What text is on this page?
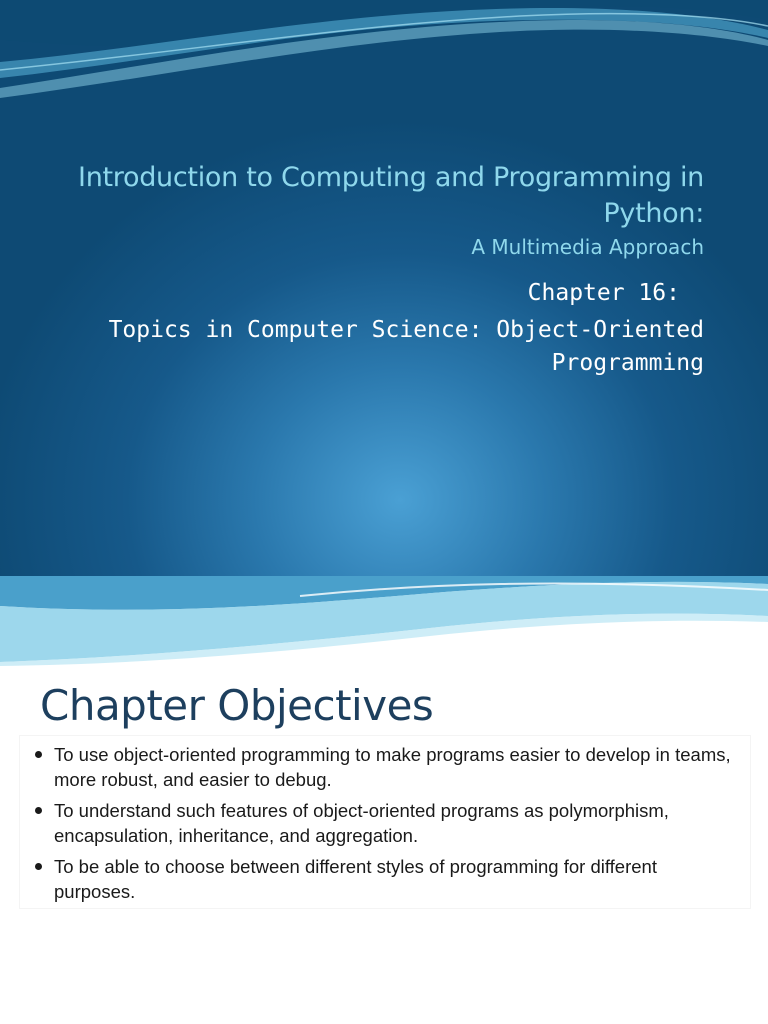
Introduction to Computing and Programming in Python:

A Multimedia Approach

Chapter 16:

Topics in Computer Science: Object-Oriented Programming

Chapter Objectives
To use object-oriented programming to make programs easier to develop in teams, more robust, and easier to debug.
To understand such features of object-oriented programs as polymorphism, encapsulation, inheritance, and aggregation.
To be able to choose between different styles of programming for different purposes.
